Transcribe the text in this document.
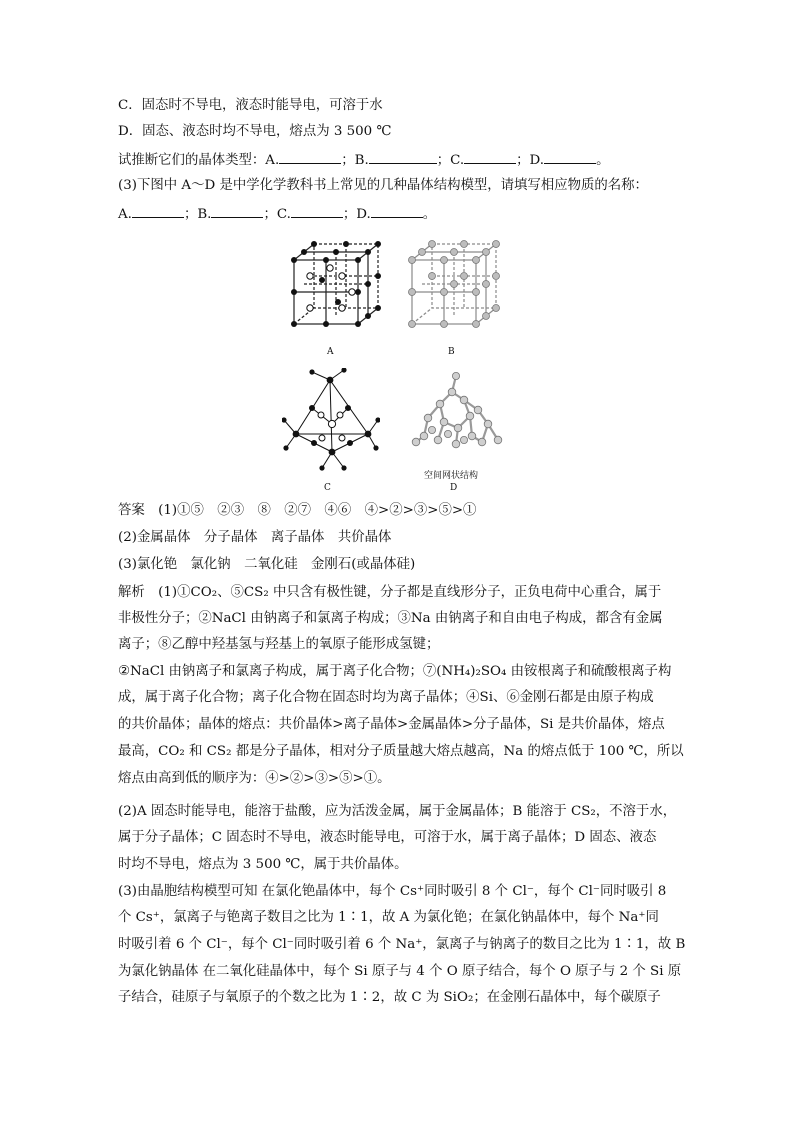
C．固态时不导电，液态时能导电，可溶于水
D．固态、液态时均不导电，熔点为 3 500 ℃
试推断它们的晶体类型：A.	；B.	；C.	；D.	。
(3)下图中 A～D 是中学化学教科书上常见的几种晶体结构模型，请填写相应物质的名称：
A.	；B.	；C.	；D.	。
A	B
C
空间网状结构
D
答案　(1)①⑤　②③　⑧　②⑦　④⑥　④>②>③>⑤>①
(2)金属晶体　分子晶体　离子晶体　共价晶体
(3)氯化铯　氯化钠　二氧化硅　金刚石(或晶体硅)
解析　(1)①CO₂、⑤CS₂ 中只含有极性键，分子都是直线形分子，正负电荷中心重合，属于
非极性分子；②NaCl 由钠离子和氯离子构成；③Na 由钠离子和自由电子构成，都含有金属
离子；⑧乙醇中羟基氢与羟基上的氧原子能形成氢键；
②NaCl 由钠离子和氯离子构成，属于离子化合物；⑦(NH₄)₂SO₄ 由铵根离子和硫酸根离子构
成，属于离子化合物；离子化合物在固态时均为离子晶体；④Si、⑥金刚石都是由原子构成
的共价晶体；晶体的熔点：共价晶体>离子晶体>金属晶体>分子晶体，Si 是共价晶体，熔点
最高，CO₂ 和 CS₂ 都是分子晶体，相对分子质量越大熔点越高，Na 的熔点低于 100 ℃，所以
熔点由高到低的顺序为：④>②>③>⑤>①。
(2)A 固态时能导电，能溶于盐酸，应为活泼金属，属于金属晶体；B 能溶于 CS₂，不溶于水，
属于分子晶体；C 固态时不导电，液态时能导电，可溶于水，属于离子晶体；D 固态、液态
时均不导电，熔点为 3 500 ℃，属于共价晶体。
(3)由晶胞结构模型可知 在氯化铯晶体中，每个 Cs⁺同时吸引 8 个 Cl⁻，每个 Cl⁻同时吸引 8
个 Cs⁺，氯离子与铯离子数目之比为 1∶1，故 A 为氯化铯；在氯化钠晶体中，每个 Na⁺同
时吸引着 6 个 Cl⁻，每个 Cl⁻同时吸引着 6 个 Na⁺，氯离子与钠离子的数目之比为 1∶1，故 B
为氯化钠晶体 在二氧化硅晶体中，每个 Si 原子与 4 个 O 原子结合，每个 O 原子与 2 个 Si 原
子结合，硅原子与氧原子的个数之比为 1∶2，故 C 为 SiO₂；在金刚石晶体中，每个碳原子
